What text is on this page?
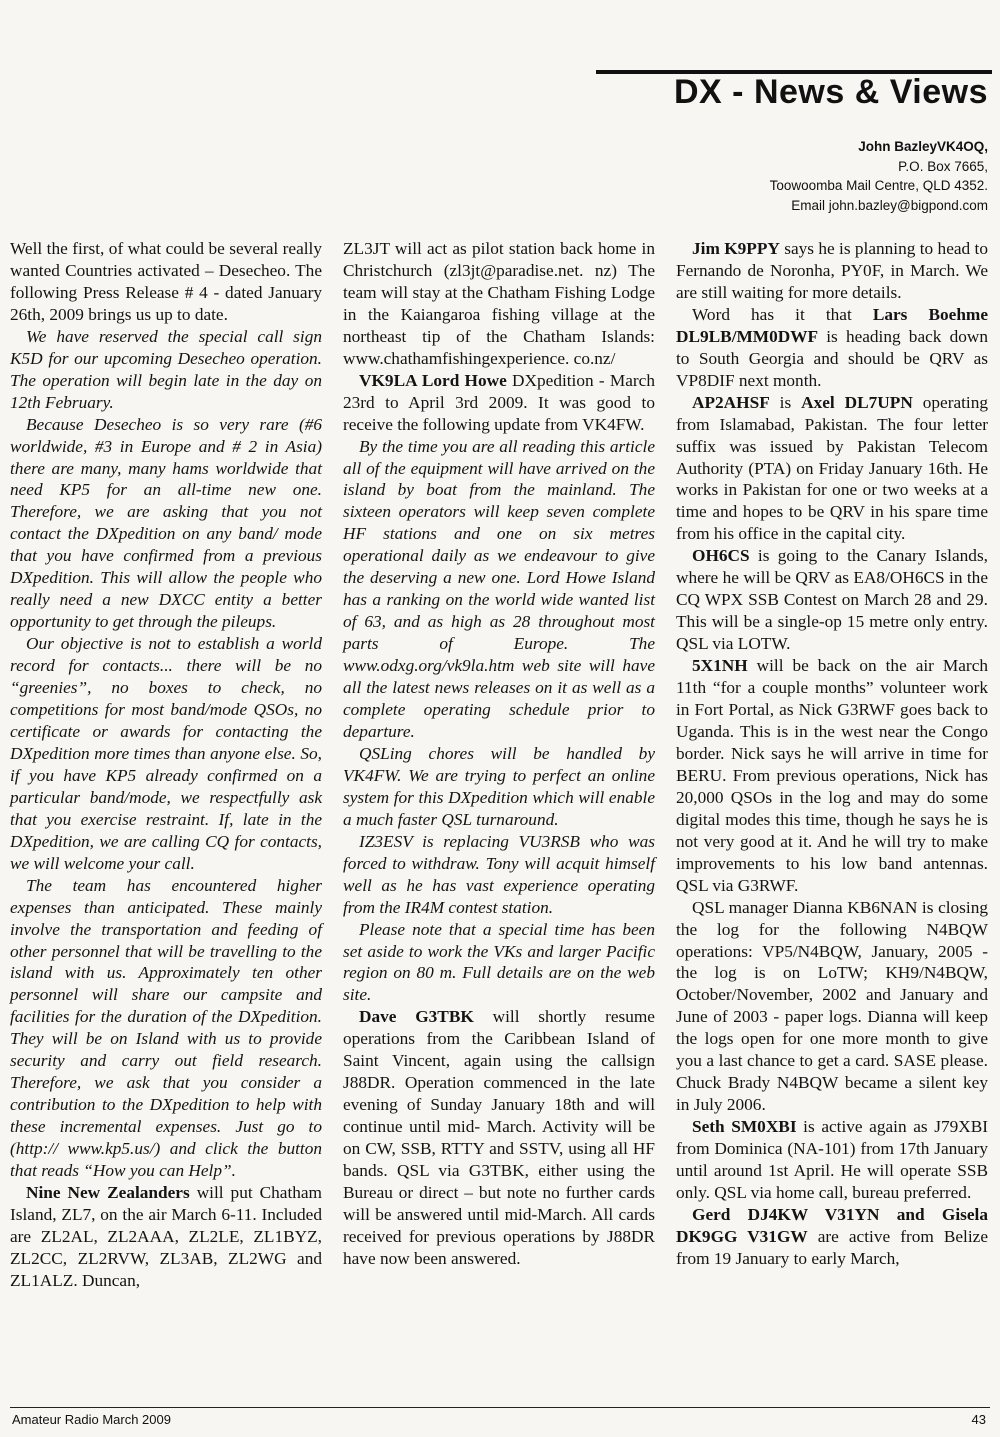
DX - News & Views
John BazleyVK4OQ,
P.O. Box 7665,
Toowoomba Mail Centre, QLD 4352.
Email john.bazley@bigpond.com

Well the first, of what could be several really wanted Countries activated – Desecheo. The following Press Release # 4 - dated January 26th, 2009 brings us up to date.

We have reserved the special call sign K5D for our upcoming Desecheo operation. The operation will begin late in the day on 12th February.

Because Desecheo is so very rare (#6 worldwide, #3 in Europe and # 2 in Asia) there are many, many hams worldwide that need KP5 for an all-time new one. Therefore, we are asking that you not contact the DXpedition on any band/ mode that you have confirmed from a previous DXpedition. This will allow the people who really need a new DXCC entity a better opportunity to get through the pileups.

Our objective is not to establish a world record for contacts... there will be no “greenies”, no boxes to check, no competitions for most band/mode QSOs, no certificate or awards for contacting the DXpedition more times than anyone else. So, if you have KP5 already confirmed on a particular band/mode, we respectfully ask that you exercise restraint. If, late in the DXpedition, we are calling CQ for contacts, we will welcome your call.

The team has encountered higher expenses than anticipated. These mainly involve the transportation and feeding of other personnel that will be travelling to the island with us. Approximately ten other personnel will share our campsite and facilities for the duration of the DXpedition. They will be on Island with us to provide security and carry out field research. Therefore, we ask that you consider a contribution to the DXpedition to help with these incremental expenses. Just go to (http:// www.kp5.us/) and click the button that reads “How you can Help”.

Nine New Zealanders will put Chatham Island, ZL7, on the air March 6-11. Included are ZL2AL, ZL2AAA, ZL2LE, ZL1BYZ, ZL2CC, ZL2RVW, ZL3AB, ZL2WG and ZL1ALZ. Duncan,

ZL3JT will act as pilot station back home in Christchurch (zl3jt@paradise.net. nz) The team will stay at the Chatham Fishing Lodge in the Kaiangaroa fishing village at the northeast tip of the Chatham Islands: www.chathamfishingexperience. co.nz/

VK9LA Lord Howe DXpedition - March 23rd to April 3rd 2009. It was good to receive the following update from VK4FW.

By the time you are all reading this article all of the equipment will have arrived on the island by boat from the mainland. The sixteen operators will keep seven complete HF stations and one on six metres operational daily as we endeavour to give the deserving a new one. Lord Howe Island has a ranking on the world wide wanted list of 63, and as high as 28 throughout most parts of Europe. The www.odxg.org/vk9la.htm web site will have all the latest news releases on it as well as a complete operating schedule prior to departure.

QSLing chores will be handled by VK4FW. We are trying to perfect an online system for this DXpedition which will enable a much faster QSL turnaround.

IZ3ESV is replacing VU3RSB who was forced to withdraw. Tony will acquit himself well as he has vast experience operating from the IR4M contest station.

Please note that a special time has been set aside to work the VKs and larger Pacific region on 80 m. Full details are on the web site.

Dave G3TBK will shortly resume operations from the Caribbean Island of Saint Vincent, again using the callsign J88DR. Operation commenced in the late evening of Sunday January 18th and will continue until mid- March. Activity will be on CW, SSB, RTTY and SSTV, using all HF bands. QSL via G3TBK, either using the Bureau or direct – but note no further cards will be answered until mid-March. All cards received for previous operations by J88DR have now been answered.

Jim K9PPY says he is planning to head to Fernando de Noronha, PY0F, in March. We are still waiting for more details.

Word has it that Lars Boehme DL9LB/MM0DWF is heading back down to South Georgia and should be QRV as VP8DIF next month.

AP2AHSF is Axel DL7UPN operating from Islamabad, Pakistan. The four letter suffix was issued by Pakistan Telecom Authority (PTA) on Friday January 16th. He works in Pakistan for one or two weeks at a time and hopes to be QRV in his spare time from his office in the capital city.

OH6CS is going to the Canary Islands, where he will be QRV as EA8/OH6CS in the CQ WPX SSB Contest on March 28 and 29. This will be a single-op 15 metre only entry. QSL via LOTW.

5X1NH will be back on the air March 11th “for a couple months” volunteer work in Fort Portal, as Nick G3RWF goes back to Uganda. This is in the west near the Congo border. Nick says he will arrive in time for BERU. From previous operations, Nick has 20,000 QSOs in the log and may do some digital modes this time, though he says he is not very good at it. And he will try to make improvements to his low band antennas. QSL via G3RWF.

QSL manager Dianna KB6NAN is closing the log for the following N4BQW operations: VP5/N4BQW, January, 2005 - the log is on LoTW; KH9/N4BQW, October/November, 2002 and January and June of 2003 - paper logs. Dianna will keep the logs open for one more month to give you a last chance to get a card. SASE please. Chuck Brady N4BQW became a silent key in July 2006.

Seth SM0XBI is active again as J79XBI from Dominica (NA-101) from 17th January until around 1st April. He will operate SSB only. QSL via home call, bureau preferred.

Gerd DJ4KW V31YN and Gisela DK9GG V31GW are active from Belize from 19 January to early March,

Amateur Radio March 2009	43
